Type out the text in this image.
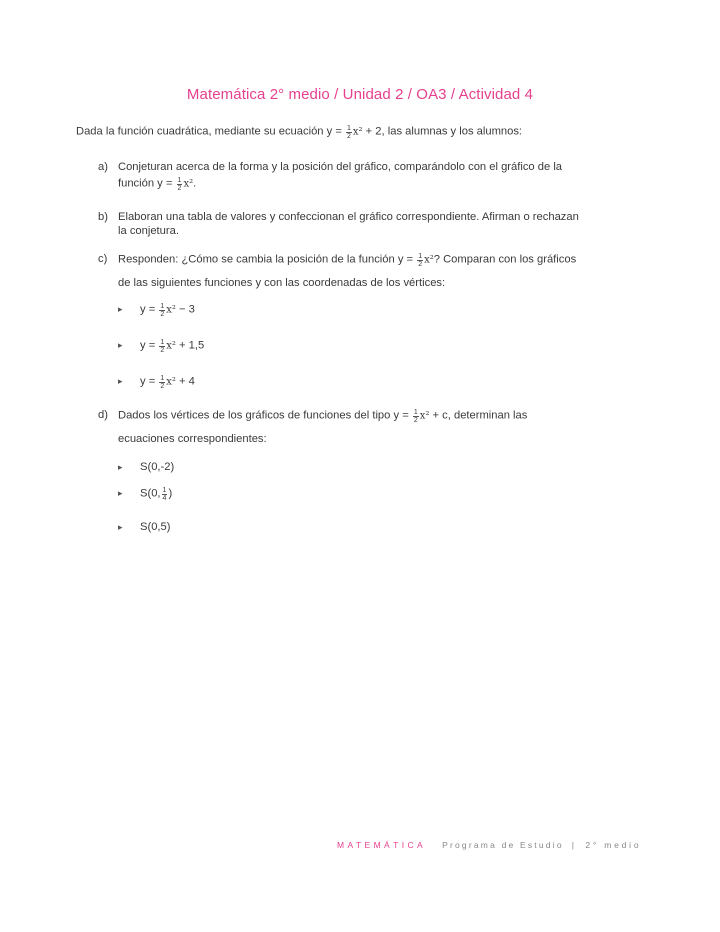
Matemática 2° medio / Unidad 2 / OA3 / Actividad 4
Dada la función cuadrática, mediante su ecuación $y = \frac{1}{2} x^2 + 2$, las alumnas y los alumnos:
a) Conjeturan acerca de la forma y la posición del gráfico, comparándolo con el gráfico de la
función $y = \frac{1}{2} x^2$.
b) Elaboran una tabla de valores y confeccionan el gráfico correspondiente. Afirman o rechazan
la conjetura.
c) Responden: ¿Cómo se cambia la posición de la función $y = \frac{1}{2} x^2$? Comparan con los gráficos
de las siguientes funciones y con las coordenadas de los vértices:
▸ $y = \frac{1}{2} x^2 - 3$
▸ $y = \frac{1}{2} x^2 + 1,5$
▸ $y = \frac{1}{2} x^2 + 4$
d) Dados los vértices de los gráficos de funciones del tipo $y = \frac{1}{2} x^2 + c$, determinan las
ecuaciones correspondientes:
▸ S(0,-2)
▸ S(0, $\frac{1}{4}$ )
▸ S(0,5)
MATEMÁTICA Programa de Estudio | 2° medio
